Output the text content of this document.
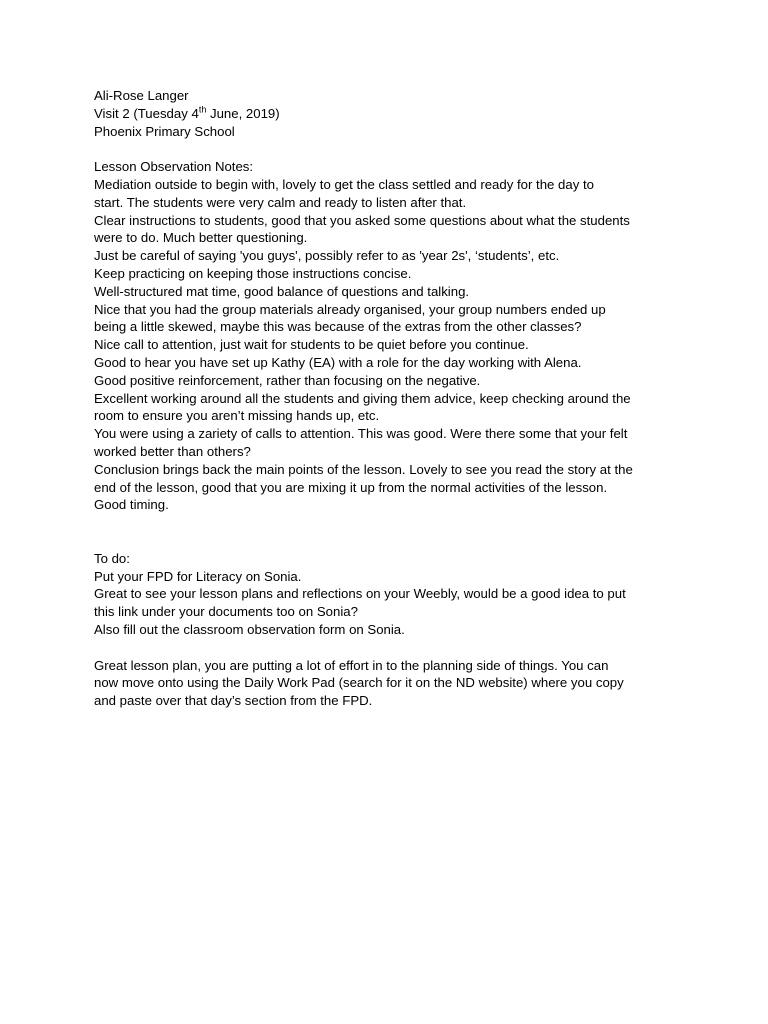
Ali-Rose Langer
Visit 2 (Tuesday 4th June, 2019)
Phoenix Primary School
Lesson Observation Notes:
Mediation outside to begin with, lovely to get the class settled and ready for the day to
start. The students were very calm and ready to listen after that.
Clear instructions to students, good that you asked some questions about what the students
were to do. Much better questioning.
Just be careful of saying 'you guys', possibly refer to as 'year 2s', ‘students’, etc.
Keep practicing on keeping those instructions concise.
Well-structured mat time, good balance of questions and talking.
Nice that you had the group materials already organised, your group numbers ended up
being a little skewed, maybe this was because of the extras from the other classes?
Nice call to attention, just wait for students to be quiet before you continue.
Good to hear you have set up Kathy (EA) with a role for the day working with Alena.
Good positive reinforcement, rather than focusing on the negative.
Excellent working around all the students and giving them advice, keep checking around the
room to ensure you aren’t missing hands up, etc.
You were using a zariety of calls to attention. This was good. Were there some that your felt
worked better than others?
Conclusion brings back the main points of the lesson. Lovely to see you read the story at the
end of the lesson, good that you are mixing it up from the normal activities of the lesson.
Good timing.
To do:
Put your FPD for Literacy on Sonia.
Great to see your lesson plans and reflections on your Weebly, would be a good idea to put
this link under your documents too on Sonia?
Also fill out the classroom observation form on Sonia.
Great lesson plan, you are putting a lot of effort in to the planning side of things. You can
now move onto using the Daily Work Pad (search for it on the ND website) where you copy
and paste over that day’s section from the FPD.
